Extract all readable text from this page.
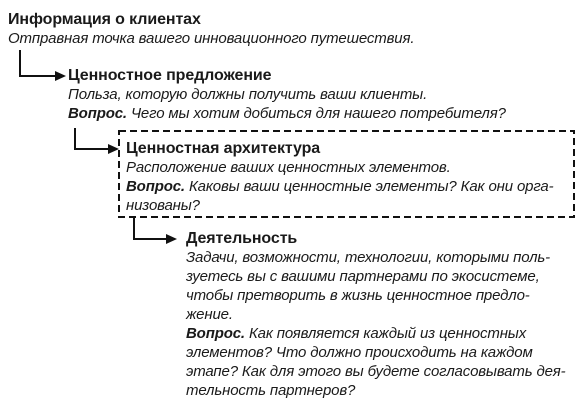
Информация о клиентах
Отправная точка вашего инновационного путешествия.
Ценностное предложение
Польза, которую должны получить ваши клиенты.
Вопрос. Чего мы хотим добиться для нашего потребителя?
Ценностная архитектура
Расположение ваших ценностных элементов.
Вопрос. Каковы ваши ценностные элементы? Как они орга-
низованы?
Деятельность
Задачи, возможности, технологии, которыми поль-
зуетесь вы с вашими партнерами по экосистеме,
чтобы претворить в жизнь ценностное предло-
жение.
Вопрос. Как появляется каждый из ценностных
элементов? Что должно происходить на каждом
этапе? Как для этого вы будете согласовывать дея-
тельность партнеров?
